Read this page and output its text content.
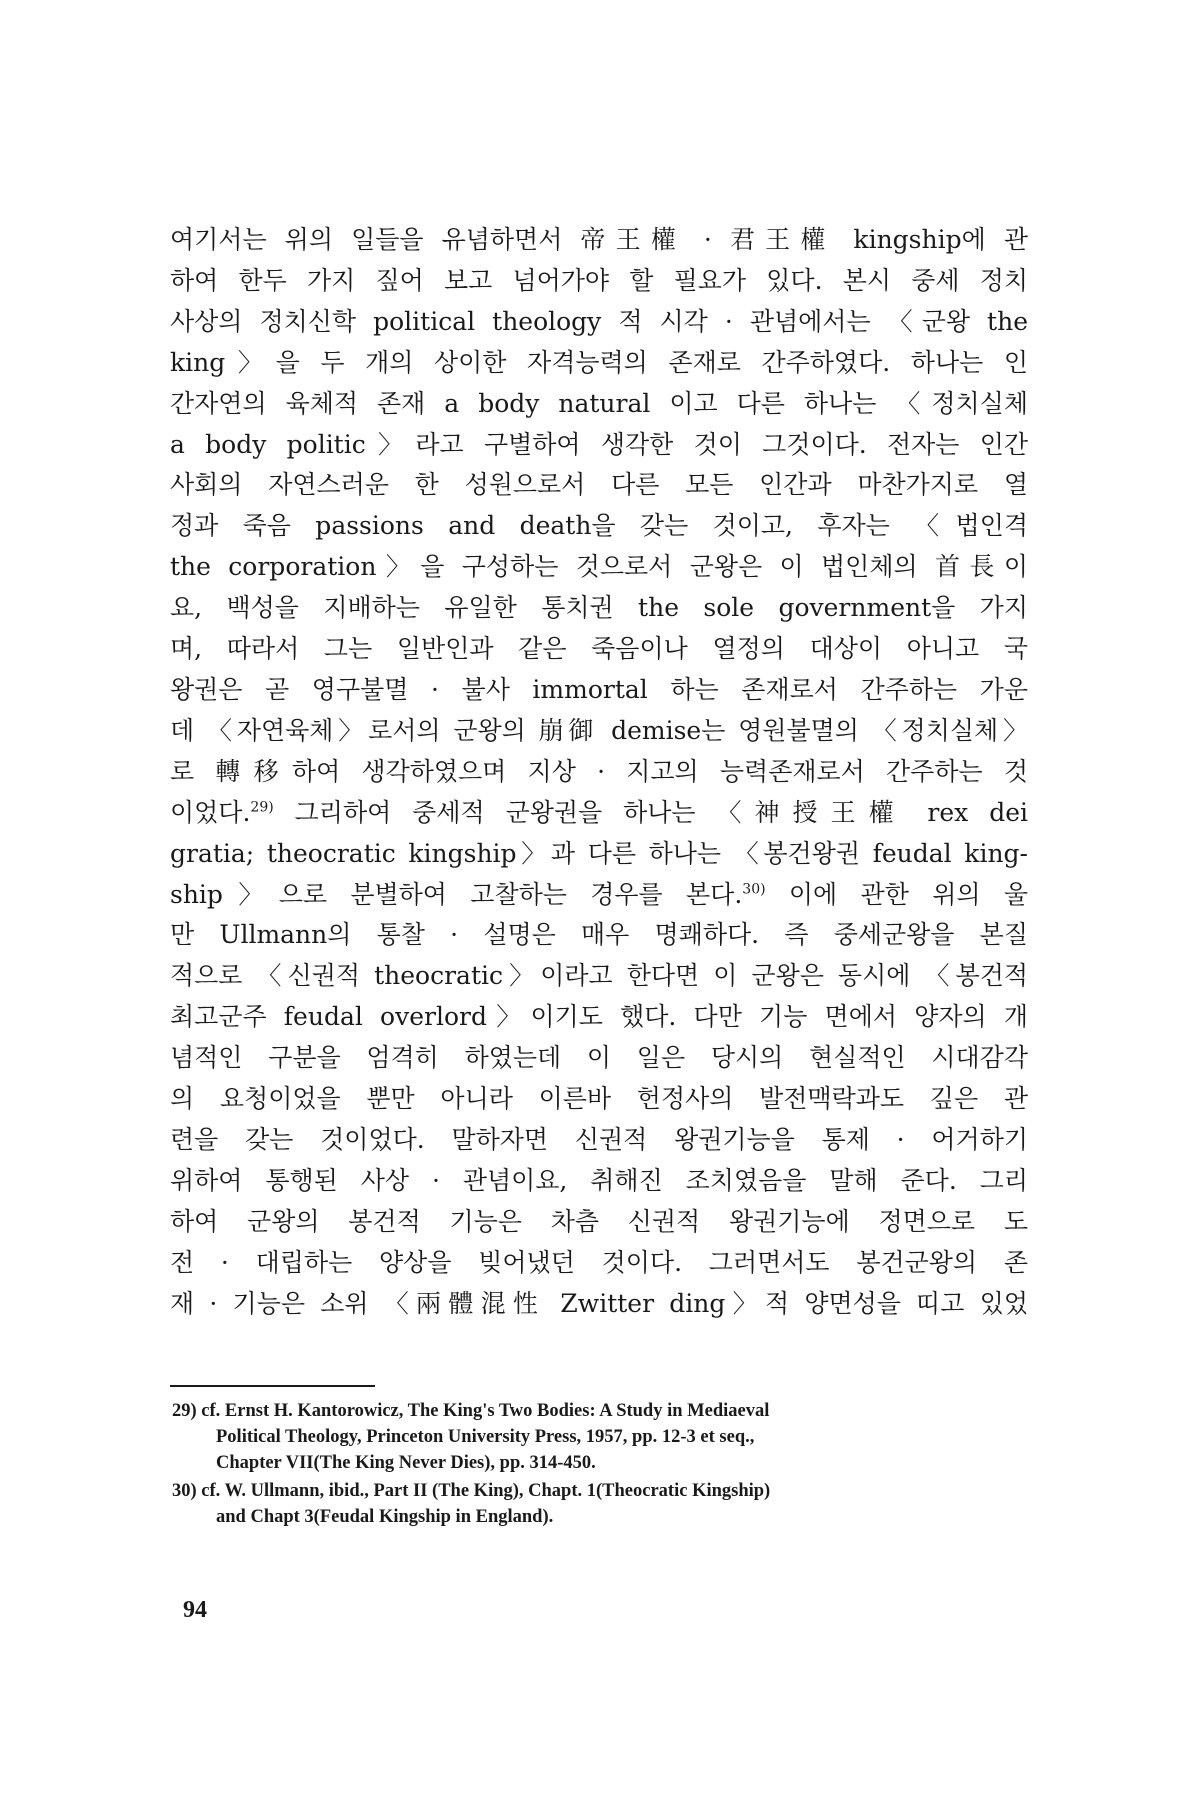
여기서는 위의 일들을 유념하면서 帝王權 · 君王權 kingship에 관
하여 한두 가지 짚어 보고 넘어가야 할 필요가 있다. 본시 중세 정치
사상의 정치신학 political theology 적 시각 · 관념에서는 〈군왕 the
king〉을 두 개의 상이한 자격능력의 존재로 간주하였다. 하나는 인
간자연의 육체적 존재 a body natural 이고 다른 하나는 〈정치실체
a body politic〉라고 구별하여 생각한 것이 그것이다. 전자는 인간
사회의 자연스러운 한 성원으로서 다른 모든 인간과 마찬가지로 열
정과 죽음 passions and death을 갖는 것이고, 후자는 〈법인격
the corporation〉을 구성하는 것으로서 군왕은 이 법인체의 首長이
요, 백성을 지배하는 유일한 통치권 the sole government을 가지
며, 따라서 그는 일반인과 같은 죽음이나 열정의 대상이 아니고 국
왕권은 곧 영구불멸 · 불사 immortal 하는 존재로서 간주하는 가운
데 〈자연육체〉로서의 군왕의 崩御 demise는 영원불멸의 〈정치실체〉
로 轉移하여 생각하였으며 지상 · 지고의 능력존재로서 간주하는 것
이었다.$^{29)}$ 그리하여 중세적 군왕권을 하나는 〈神授王權 rex dei
gratia; theocratic kingship〉과 다른 하나는 〈봉건왕권 feudal king-
ship〉으로 분별하여 고찰하는 경우를 본다.$^{30)}$ 이에 관한 위의 울
만 Ullmann의 통찰 · 설명은 매우 명쾌하다. 즉 중세군왕을 본질
적으로 〈신권적 theocratic〉이라고 한다면 이 군왕은 동시에 〈봉건적
최고군주 feudal overlord〉이기도 했다. 다만 기능 면에서 양자의 개
념적인 구분을 엄격히 하였는데 이 일은 당시의 현실적인 시대감각
의 요청이었을 뿐만 아니라 이른바 헌정사의 발전맥락과도 깊은 관
련을 갖는 것이었다. 말하자면 신권적 왕권기능을 통제 · 어거하기
위하여 통행된 사상 · 관념이요, 취해진 조치였음을 말해 준다. 그리
하여 군왕의 봉건적 기능은 차츰 신권적 왕권기능에 정면으로 도
전 · 대립하는 양상을 빚어냈던 것이다. 그러면서도 봉건군왕의 존
재 · 기능은 소위 〈兩體混性 Zwitter ding〉적 양면성을 띠고 있었
29) cf. Ernst H. Kantorowicz, The King's Two Bodies: A Study in Mediaeval
Political Theology, Princeton University Press, 1957, pp. 12-3 et seq.,
Chapter VII(The King Never Dies), pp. 314-450.
30) cf. W. Ullmann, ibid., Part II (The King), Chapt. 1(Theocratic Kingship)
and Chapt 3(Feudal Kingship in England).
94
